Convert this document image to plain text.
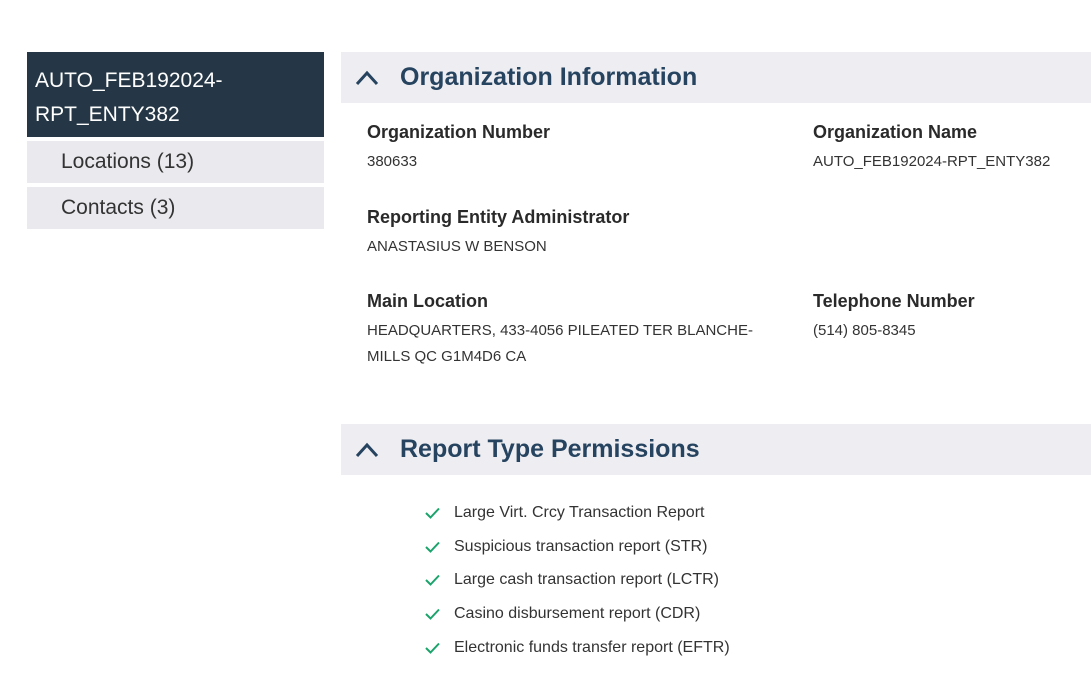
AUTO_FEB192024-RPT_ENTY382
Locations (13)
Contacts (3)
Organization Information
Organization Number
380633
Organization Name
AUTO_FEB192024-RPT_ENTY382
Reporting Entity Administrator
ANASTASIUS W BENSON
Main Location
HEADQUARTERS, 433-4056 PILEATED TER BLANCHE-MILLS QC G1M4D6 CA
Telephone Number
(514) 805-8345
Report Type Permissions
Large Virt. Crcy Transaction Report
Suspicious transaction report (STR)
Large cash transaction report (LCTR)
Casino disbursement report (CDR)
Electronic funds transfer report (EFTR)
